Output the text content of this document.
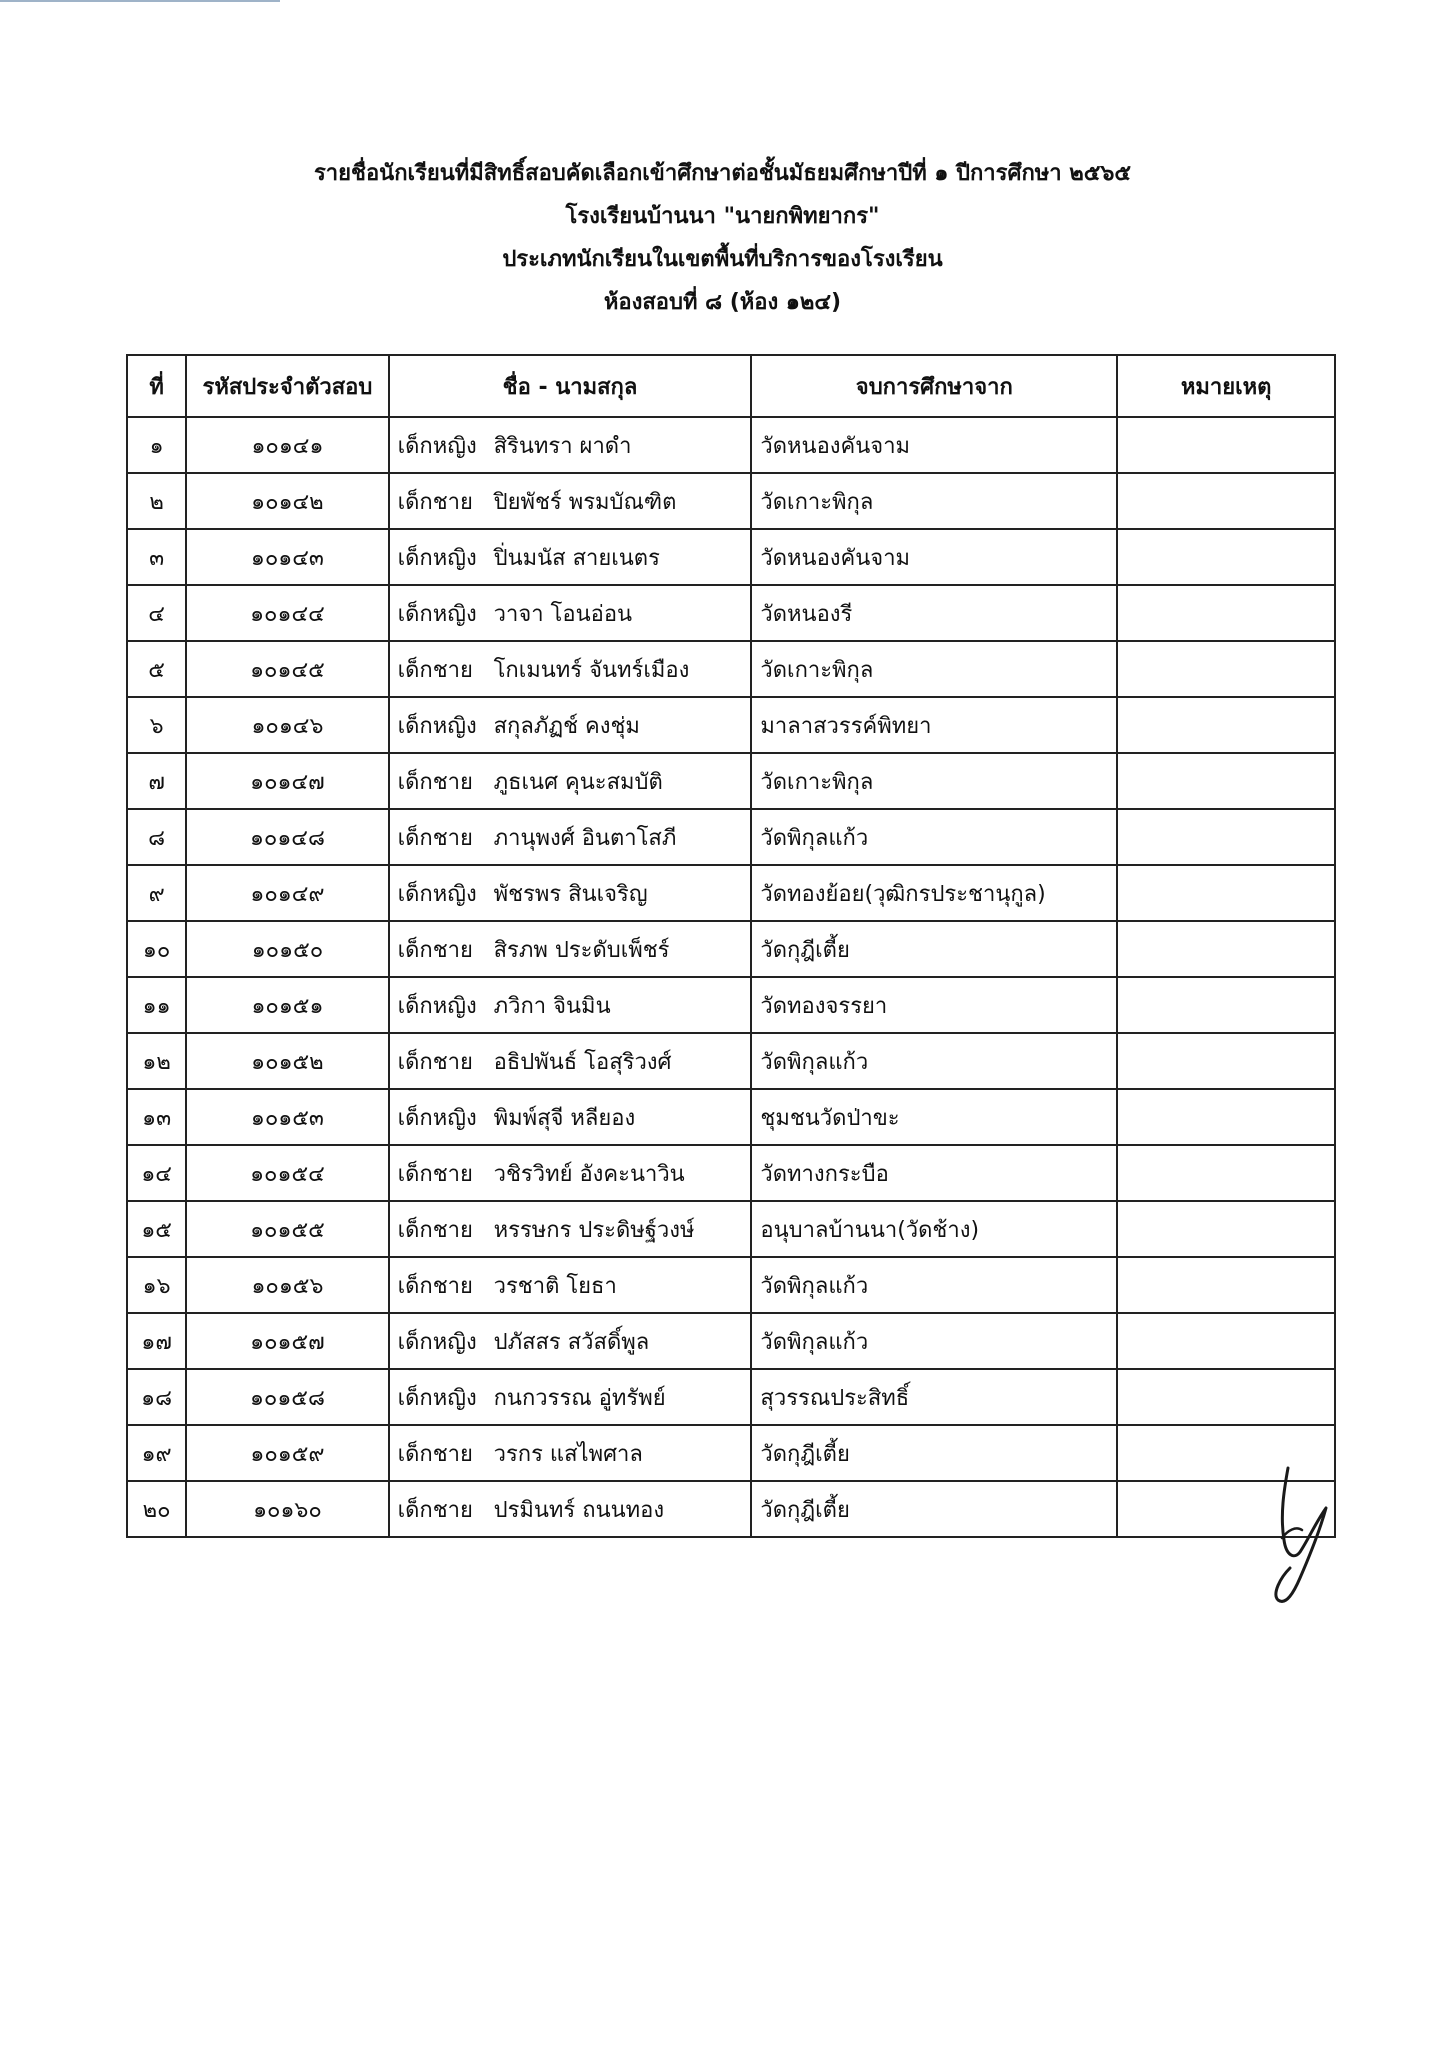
รายชื่อนักเรียนที่มีสิทธิ์สอบคัดเลือกเข้าศึกษาต่อชั้นมัธยมศึกษาปีที่ ๑ ปีการศึกษา ๒๕๖๕
โรงเรียนบ้านนา "นายกพิทยากร"
ประเภทนักเรียนในเขตพื้นที่บริการของโรงเรียน
ห้องสอบที่ ๘ (ห้อง ๑๒๔)
ที่	รหัสประจำตัวสอบ	ชื่อ - นามสกุล	จบการศึกษาจาก	หมายเหตุ
๑	๑๐๑๔๑	เด็กหญิง สิรินทรา ผาดำ	วัดหนองคันจาม	
๒	๑๐๑๔๒	เด็กชาย ปิยพัชร์ พรมบัณฑิต	วัดเกาะพิกุล	
๓	๑๐๑๔๓	เด็กหญิง ปิ่นมนัส สายเนตร	วัดหนองคันจาม	
๔	๑๐๑๔๔	เด็กหญิง วาจา โอนอ่อน	วัดหนองรี	
๕	๑๐๑๔๕	เด็กชาย โกเมนทร์ จันทร์เมือง	วัดเกาะพิกุล	
๖	๑๐๑๔๖	เด็กหญิง สกุลภัฏช์ คงชุ่ม	มาลาสวรรค์พิทยา	
๗	๑๐๑๔๗	เด็กชาย ภูธเนศ คุนะสมบัติ	วัดเกาะพิกุล	
๘	๑๐๑๔๘	เด็กชาย ภานุพงศ์ อินตาโสภี	วัดพิกุลแก้ว	
๙	๑๐๑๔๙	เด็กหญิง พัชรพร สินเจริญ	วัดทองย้อย(วุฒิกรประชานุกูล)	
๑๐	๑๐๑๕๐	เด็กชาย สิรภพ ประดับเพ็ชร์	วัดกุฎีเตี้ย	
๑๑	๑๐๑๕๑	เด็กหญิง ภวิกา จินมิน	วัดทองจรรยา	
๑๒	๑๐๑๕๒	เด็กชาย อธิปพันธ์ โอสุริวงศ์	วัดพิกุลแก้ว	
๑๓	๑๐๑๕๓	เด็กหญิง พิมพ์สุจี หลียอง	ชุมชนวัดป่าขะ	
๑๔	๑๐๑๕๔	เด็กชาย วชิรวิทย์ อังคะนาวิน	วัดทางกระบือ	
๑๕	๑๐๑๕๕	เด็กชาย หรรษกร ประดิษฐ์วงษ์	อนุบาลบ้านนา(วัดช้าง)	
๑๖	๑๐๑๕๖	เด็กชาย วรชาติ โยธา	วัดพิกุลแก้ว	
๑๗	๑๐๑๕๗	เด็กหญิง ปภัสสร สวัสดิ์พูล	วัดพิกุลแก้ว	
๑๘	๑๐๑๕๘	เด็กหญิง กนกวรรณ อู่ทรัพย์	สุวรรณประสิทธิ์	
๑๙	๑๐๑๕๙	เด็กชาย วรกร แสไพศาล	วัดกุฎีเตี้ย	
๒๐	๑๐๑๖๐	เด็กชาย ปรมินทร์ ถนนทอง	วัดกุฎีเตี้ย	
